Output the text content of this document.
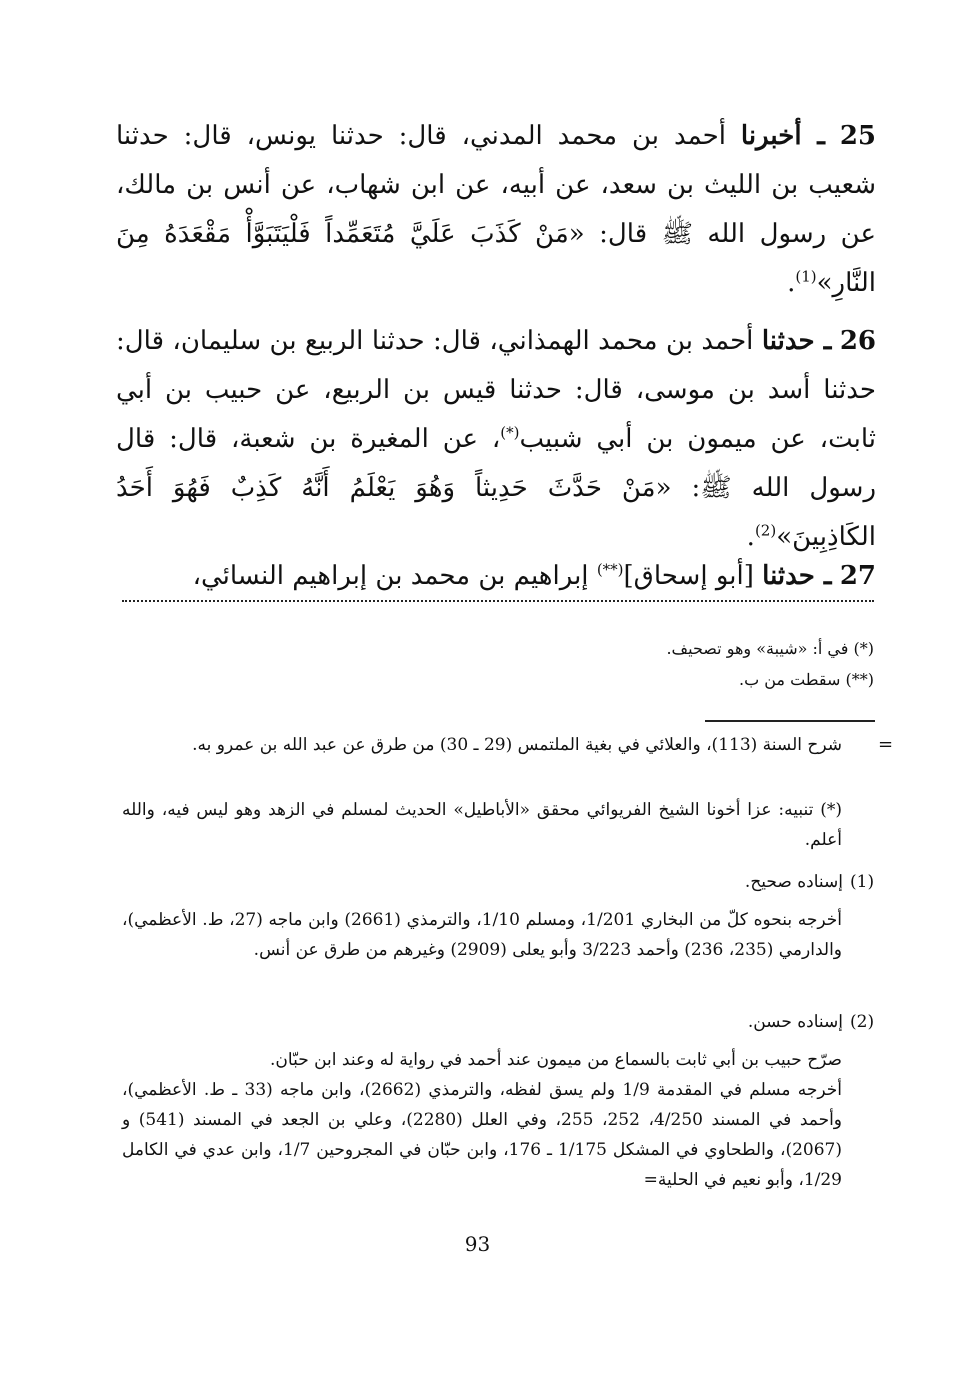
25 ـ أخبرنا أحمد بن محمد المدني، قال: حدثنا يونس، قال: حدثنا شعيب بن الليث بن سعد، عن أبيه، عن ابن شهاب، عن أنس بن مالك، عن رسول الله ﷺ قال: «مَنْ كَذَبَ عَلَيَّ مُتَعَمِّداً فَلْيَتَبَوَّأْ مَقْعَدَهُ مِنَ النَّارِ»$^{(1)}$.

26 ـ حدثنا أحمد بن محمد الهمذاني، قال: حدثنا الربيع بن سليمان، قال: حدثنا أسد بن موسى، قال: حدثنا قيس بن الربيع، عن حبيب بن أبي ثابت، عن ميمون بن أبي شبيب(*)، عن المغيرة بن شعبة، قال: قال رسول الله ﷺ: «مَنْ حَدَّثَ حَدِيثاً وَهُوَ يَعْلَمُ أَنَّهُ كَذِبٌ فَهُوَ أَحَدُ الكَاذِبِينَ»$^{(2)}$.

27 ـ حدثنا [أبو إسحاق](**) إبراهيم بن محمد بن إبراهيم النسائي،

(*) في أ: «شيبة» وهو تصحيف.

(**) سقطت من ب.

=

شرح السنة (113)، والعلائي في بغية الملتمس (29 ـ 30) من طرق عن عبد الله بن عمرو به.

(*) تنبيه: عزا أخونا الشيخ الفريوائي محقق «الأباطيل» الحديث لمسلم في الزهد وهو ليس فيه، والله أعلم.

(1)
إسناده صحيح.

أخرجه بنحوه كلّ من البخاري 1/201، ومسلم 1/10، والترمذي (2661) وابن ماجه (27، ط. الأعظمي)، والدارمي (235، 236) وأحمد 3/223 وأبو يعلى (2909) وغيرهم من طرق عن أنس.

(2)
إسناده حسن.

صرّح حبيب بن أبي ثابت بالسماع من ميمون عند أحمد في رواية له وعند ابن حبّان.

أخرجه مسلم في المقدمة 1/9 ولم يسق لفظه، والترمذي (2662)، وابن ماجه (33 ـ ط. الأعظمي)، وأحمد في المسند 4/250، 252، 255، وفي العلل (2280)، وعلي بن الجعد في المسند (541) و (2067)، والطحاوي في المشكل 1/175 ـ 176، وابن حبّان في المجروحين 1/7، وابن عدي في الكامل 1/29، وأبو نعيم في الحلية=

93
